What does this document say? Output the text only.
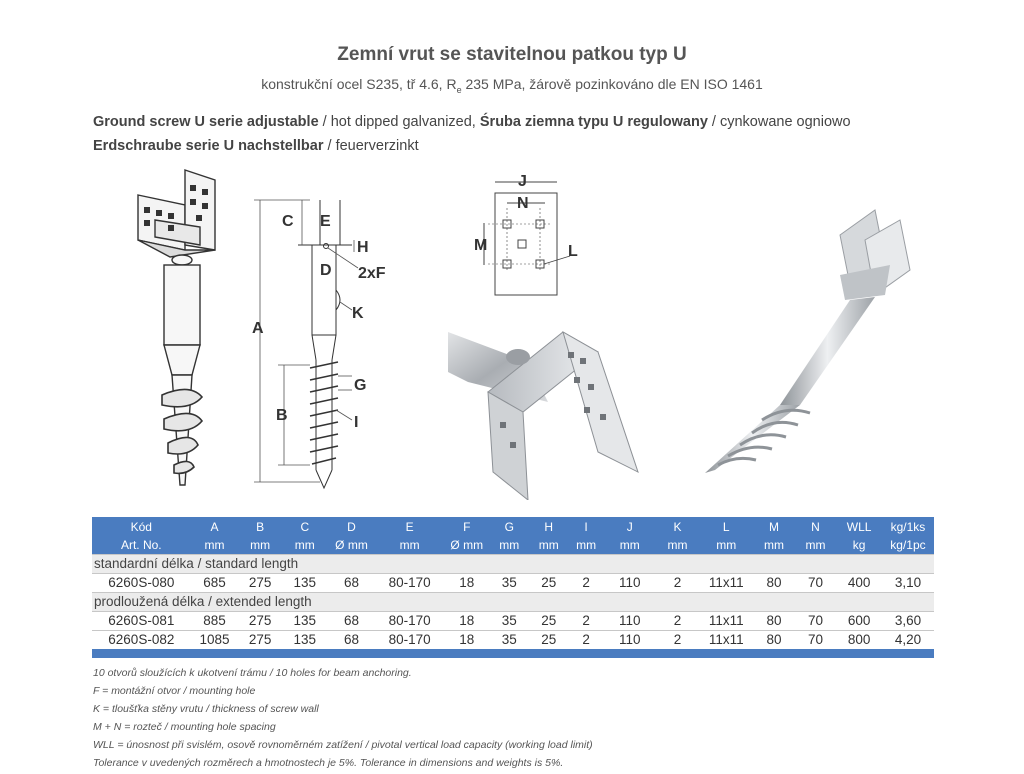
Zemní vrut se stavitelnou patkou typ U
konstrukční ocel S235, tř 4.6, $R_e$ 235 MPa, žárově pozinkováno dle EN ISO 1461
Ground screw U serie adjustable / hot dipped galvanized, Śruba ziemna typu U regulowany / cynkowane ogniowo
Erdschraube serie U nachstellbar / feuerverzinkt
A
B
C
D
E
2xF
G
H
I
K
J
N
M	L
Kód	A	B	C	D	E	F	G	H	I	J	K	L	M	N	WLL	kg/1ks
Art. No.	mm	mm	mm	Ø mm	mm	Ø mm	mm	mm	mm	mm	mm	mm	mm	mm	kg	kg/1pc
standardní délka / standard length																
6260S-080	685	275	135	68	80-170	18	35	25	2	110	2	11x11	80	70	400	3,10
prodloužená délka / extended length																
6260S-081	885	275	135	68	80-170	18	35	25	2	110	2	11x11	80	70	600	3,60
6260S-082	1085	275	135	68	80-170	18	35	25	2	110	2	11x11	80	70	800	4,20

10 otvorů sloužících k ukotvení trámu / 10 holes for beam anchoring.
F = montážní otvor / mounting hole
K = tloušťka stěny vrutu / thickness of screw wall
M + N = rozteč / mounting hole spacing
WLL = únosnost při svislém, osově rovnoměrném zatížení / pivotal vertical load capacity (working load limit)
Tolerance v uvedených rozměrech a hmotnostech je 5%. Tolerance in dimensions and weights is 5%.
